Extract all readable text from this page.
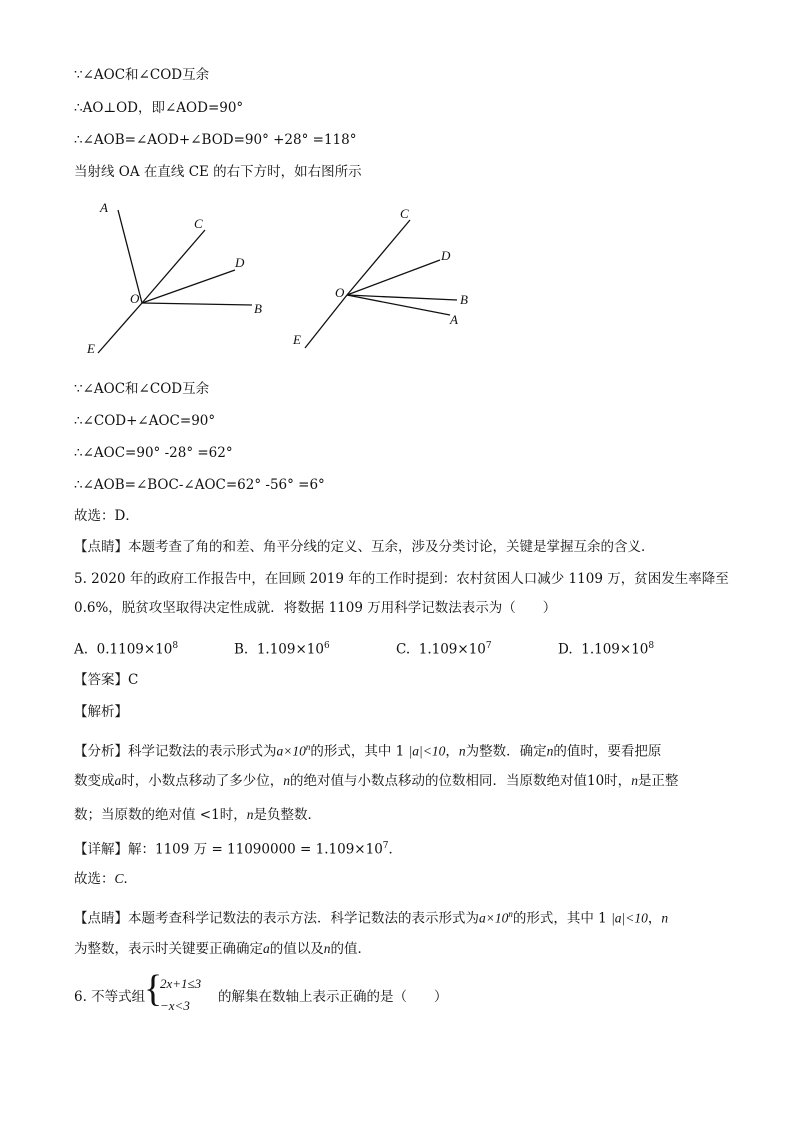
∵∠AOC和∠COD互余
∴AO⊥OD，即∠AOD=90°
∴∠AOB=∠AOD+∠BOD=90° +28° =118°
当射线 OA 在直线 CE 的右下方时，如右图所示
A
C
D
O
B
E
C
D
O	B
A
E
∵∠AOC和∠COD互余
∴∠COD+∠AOC=90°
∴∠AOC=90° -28° =62°
∴∠AOB=∠BOC-∠AOC=62° -56° =6°
故选：D．
【点睛】本题考查了角的和差、角平分线的定义、互余，涉及分类讨论，关键是掌握互余的含义．
5. 2020 年的政府工作报告中，在回顾 2019 年的工作时提到：农村贫困人口减少 1109 万，贫困发生率降至
0.6%，脱贫攻坚取得决定性成就．将数据 1109 万用科学记数法表示为（　　）
A. $0.1109\times 10^8$	B. $1.109\times 10^6$	C. $1.109\times 10^7$	D. $1.109\times 10^8$
【答案】C
【解析】
【分析】科学记数法的表示形式为$a\times 10^n$的形式，其中 1 |a|<10，n为整数．确定n的值时，要看把原
数变成a时，小数点移动了多少位，n的绝对值与小数点移动的位数相同．当原数绝对值10时，n是正整
数；当原数的绝对值 <1时，n是负整数．
【详解】解：1109 万 = $11090000 = 1.109\times 10^7$．
故选：C．
【点睛】本题考查科学记数法的表示方法．科学记数法的表示形式为$a\times 10^n$的形式，其中 1 |a|<10，n
为整数，表示时关键要正确确定a的值以及n的值．
6. 不等式组
{
2x+1≤3
−x<3
的解集在数轴上表示正确的是（　　）
